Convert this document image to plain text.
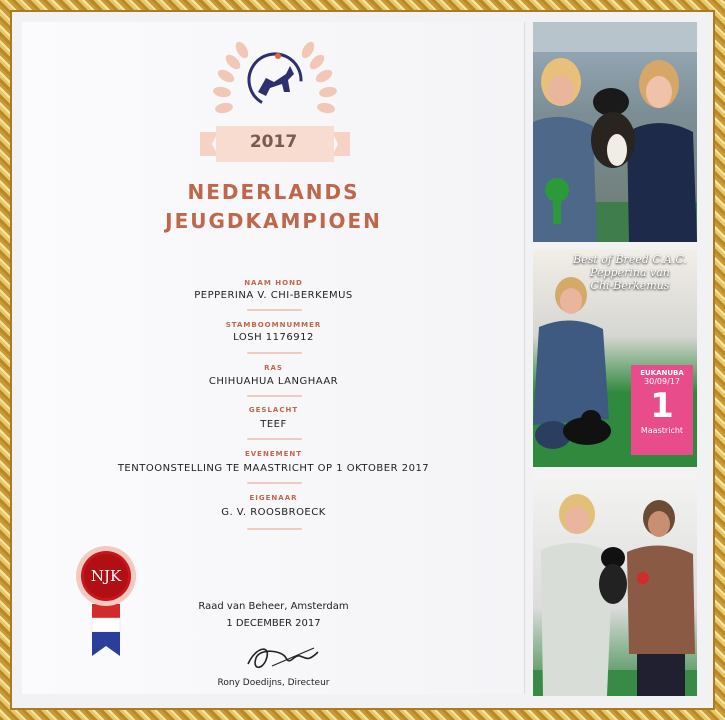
2017
NEDERLANDS
JEUGDKAMPIOEN
NAAM HOND
PEPPERINA V. CHI-BERKEMUS
STAMBOOMNUMMER
LOSH 1176912
RAS
CHIHUAHUA LANGHAAR
GESLACHT
TEEF
EVENEMENT
TENTOONSTELLING TE MAASTRICHT OP 1 OKTOBER 2017
EIGENAAR
G. V. ROOSBROECK
NJK
Raad van Beheer, Amsterdam
1 DECEMBER 2017
Rony Doedijns, Directeur
Best of Breed C.A.C.
Pepperina van
Chi-Berkemus
EUKANUBA
30/09/17
1
Maastricht
